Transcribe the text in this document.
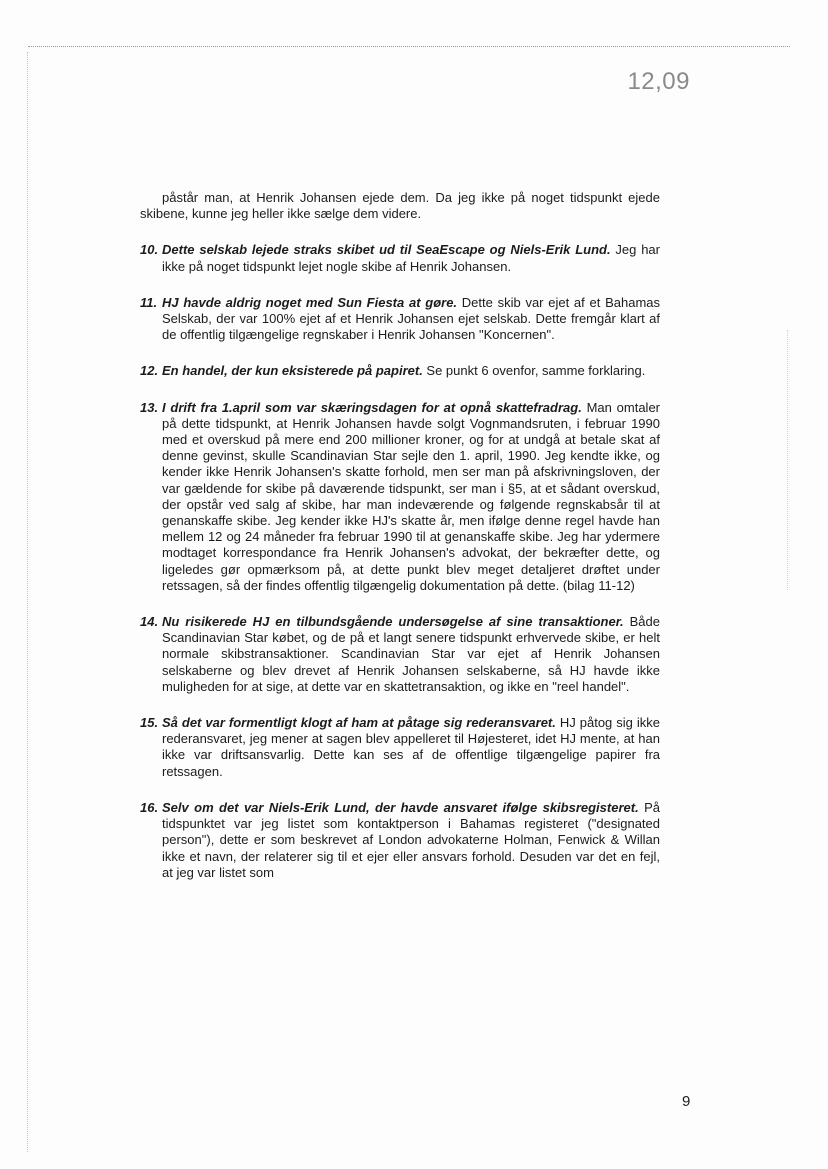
12,09
påstår man, at Henrik Johansen ejede dem. Da jeg ikke på noget tidspunkt ejede skibene, kunne jeg heller ikke sælge dem videre.
10. Dette selskab lejede straks skibet ud til SeaEscape og Niels-Erik Lund. Jeg har ikke på noget tidspunkt lejet nogle skibe af Henrik Johansen.
11. HJ havde aldrig noget med Sun Fiesta at gøre. Dette skib var ejet af et Bahamas Selskab, der var 100% ejet af et Henrik Johansen ejet selskab. Dette fremgår klart af de offentlig tilgængelige regnskaber i Henrik Johansen "Koncernen".
12. En handel, der kun eksisterede på papiret. Se punkt 6 ovenfor, samme forklaring.
13. I drift fra 1.april som var skæringsdagen for at opnå skattefradrag. Man omtaler på dette tidspunkt, at Henrik Johansen havde solgt Vognmandsruten, i februar 1990 med et overskud på mere end 200 millioner kroner, og for at undgå at betale skat af denne gevinst, skulle Scandinavian Star sejle den 1. april, 1990. Jeg kendte ikke, og kender ikke Henrik Johansen's skatte forhold, men ser man på afskrivningsloven, der var gældende for skibe på daværende tidspunkt, ser man i §5, at et sådant overskud, der opstår ved salg af skibe, har man indeværende og følgende regnskabsår til at genanskaffe skibe. Jeg kender ikke HJ's skatte år, men ifølge denne regel havde han mellem 12 og 24 måneder fra februar 1990 til at genanskaffe skibe. Jeg har ydermere modtaget korrespondance fra Henrik Johansen's advokat, der bekræfter dette, og ligeledes gør opmærksom på, at dette punkt blev meget detaljeret drøftet under retssagen, så der findes offentlig tilgængelig dokumentation på dette. (bilag 11-12)
14. Nu risikerede HJ en tilbundsgående undersøgelse af sine transaktioner. Både Scandinavian Star købet, og de på et langt senere tidspunkt erhvervede skibe, er helt normale skibstransaktioner. Scandinavian Star var ejet af Henrik Johansen selskaberne og blev drevet af Henrik Johansen selskaberne, så HJ havde ikke muligheden for at sige, at dette var en skattetransaktion, og ikke en "reel handel".
15. Så det var formentligt klogt af ham at påtage sig rederansvaret. HJ påtog sig ikke rederansvaret, jeg mener at sagen blev appelleret til Højesteret, idet HJ mente, at han ikke var driftsansvarlig. Dette kan ses af de offentlige tilgængelige papirer fra retssagen.
16. Selv om det var Niels-Erik Lund, der havde ansvaret ifølge skibsregisteret. På tidspunktet var jeg listet som kontaktperson i Bahamas registeret ("designated person"), dette er som beskrevet af London advokaterne Holman, Fenwick & Willan ikke et navn, der relaterer sig til et ejer eller ansvars forhold. Desuden var det en fejl, at jeg var listet som
9
